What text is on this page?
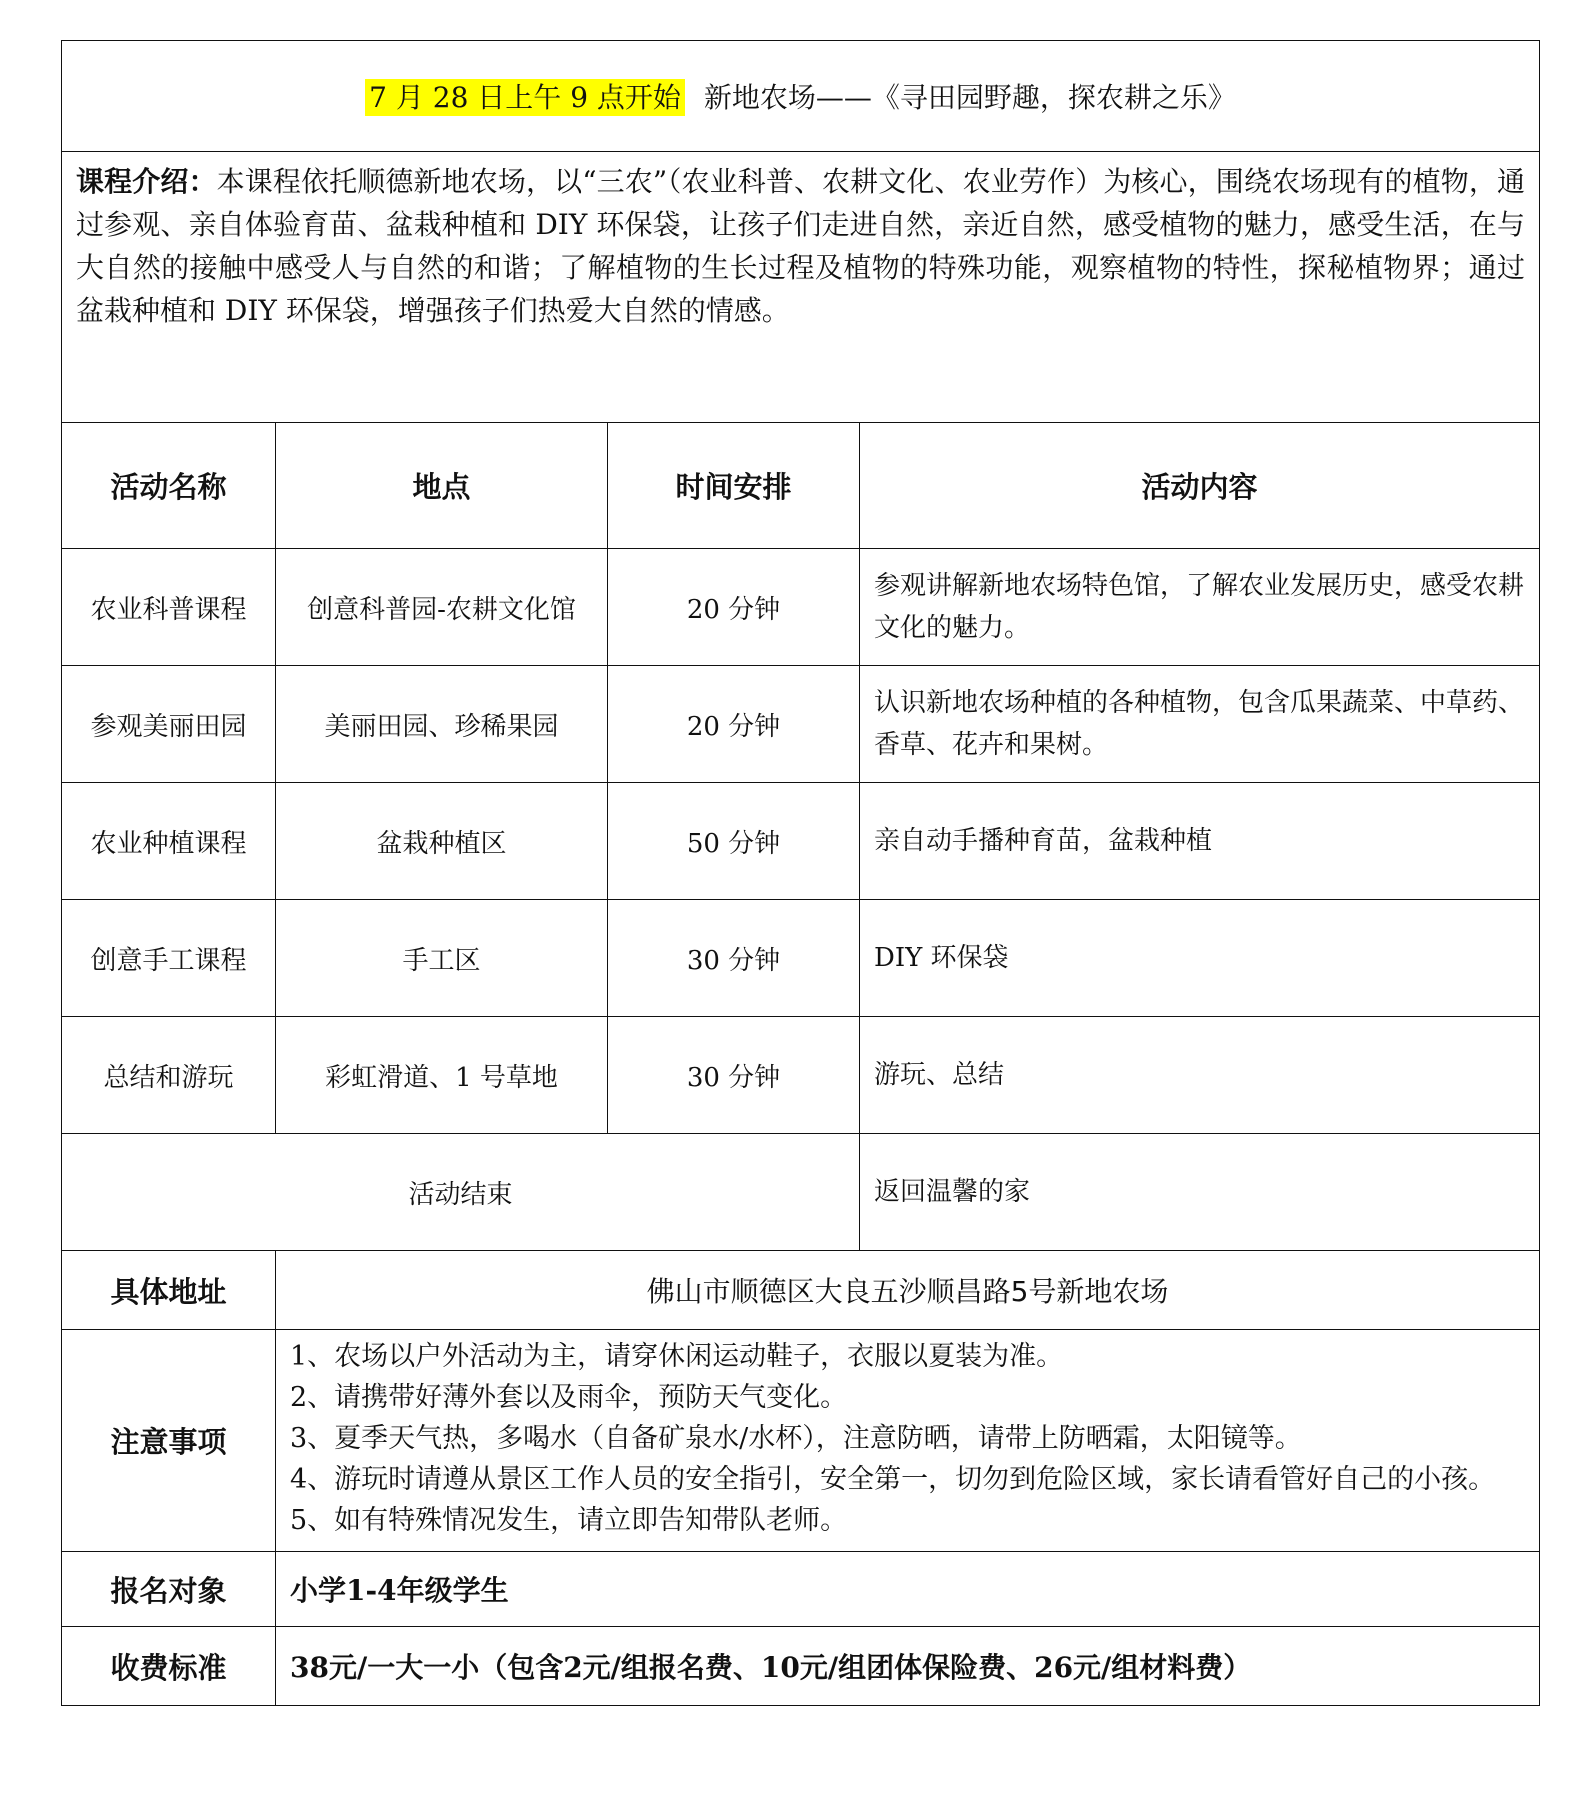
7 月 28 日上午 9 点开始 新地农场——《寻田园野趣，探农耕之乐》			
课程介绍：本课程依托顺德新地农场，以“三农”（农业科普、农耕文化、农业劳作）为核心，围绕农场现有的植物，通过参观、亲自体验育苗、盆栽种植和 DIY 环保袋，让孩子们走进自然，亲近自然，感受植物的魅力，感受生活，在与大自然的接触中感受人与自然的和谐；了解植物的生长过程及植物的特殊功能，观察植物的特性，探秘植物界；通过盆栽种植和 DIY 环保袋，增强孩子们热爱大自然的情感。			
活动名称	地点	时间安排	活动内容
农业科普课程	创意科普园-农耕文化馆	20 分钟	参观讲解新地农场特色馆，了解农业发展历史，感受农耕文化的魅力。
参观美丽田园	美丽田园、珍稀果园	20 分钟	认识新地农场种植的各种植物，包含瓜果蔬菜、中草药、香草、花卉和果树。
农业种植课程	盆栽种植区	50 分钟	亲自动手播种育苗，盆栽种植
创意手工课程	手工区	30 分钟	DIY 环保袋
总结和游玩	彩虹滑道、1 号草地	30 分钟	游玩、总结
活动结束			返回温馨的家
具体地址	佛山市顺德区大良五沙顺昌路5号新地农场		
注意事项	1、农场以户外活动为主，请穿休闲运动鞋子，衣服以夏装为准。
2、请携带好薄外套以及雨伞，预防天气变化。
3、夏季天气热，多喝水（自备矿泉水/水杯），注意防晒，请带上防晒霜，太阳镜等。
4、游玩时请遵从景区工作人员的安全指引，安全第一，切勿到危险区域，家长请看管好自己的小孩。
5、如有特殊情况发生，请立即告知带队老师。		

报名对象	小学1-4年级学生		
收费标准	38元/一大一小（包含2元/组报名费、10元/组团体保险费、26元/组材料费）		
